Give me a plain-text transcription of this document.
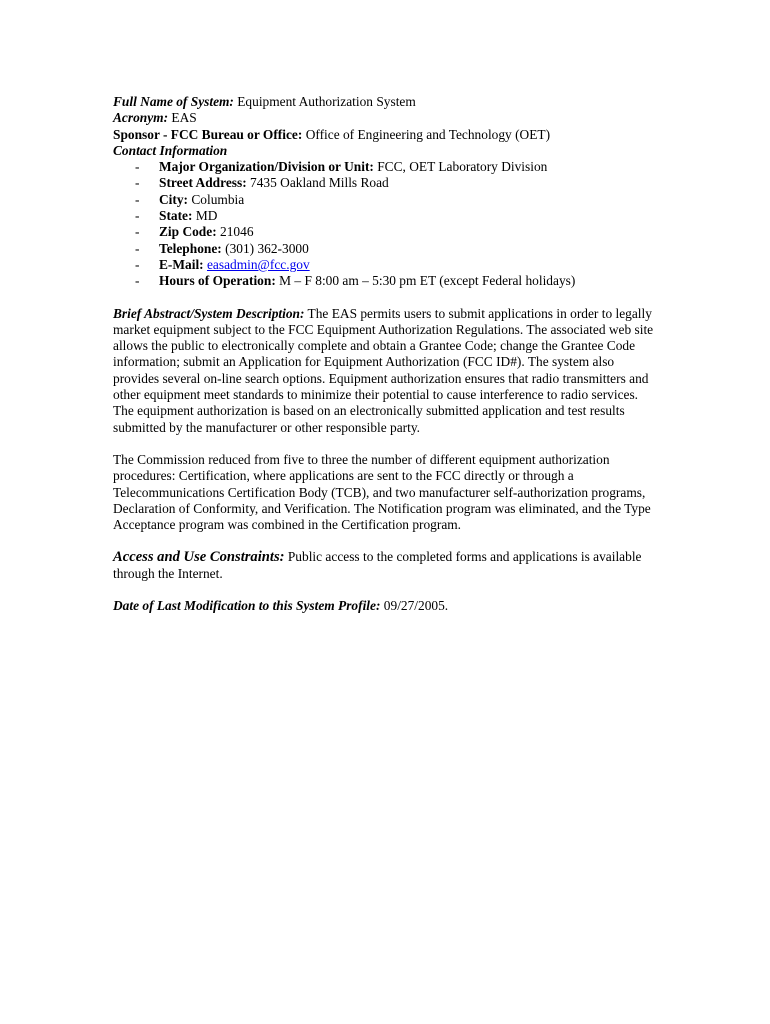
Full Name of System: Equipment Authorization System
Acronym: EAS
Sponsor - FCC Bureau or Office: Office of Engineering and Technology (OET)
Contact Information
- Major Organization/Division or Unit: FCC, OET Laboratory Division
- Street Address: 7435 Oakland Mills Road
- City: Columbia
- State: MD
- Zip Code: 21046
- Telephone: (301) 362-3000
- E-Mail: easadmin@fcc.gov
- Hours of Operation: M – F 8:00 am – 5:30 pm ET (except Federal holidays)

Brief Abstract/System Description: The EAS permits users to submit applications in order to legally market equipment subject to the FCC Equipment Authorization Regulations. The associated web site allows the public to electronically complete and obtain a Grantee Code; change the Grantee Code information; submit an Application for Equipment Authorization (FCC ID#). The system also provides several on-line search options. Equipment authorization ensures that radio transmitters and other equipment meet standards to minimize their potential to cause interference to radio services. The equipment authorization is based on an electronically submitted application and test results submitted by the manufacturer or other responsible party.

The Commission reduced from five to three the number of different equipment authorization procedures: Certification, where applications are sent to the FCC directly or through a Telecommunications Certification Body (TCB), and two manufacturer self-authorization programs, Declaration of Conformity, and Verification. The Notification program was eliminated, and the Type Acceptance program was combined in the Certification program.

Access and Use Constraints: Public access to the completed forms and applications is available through the Internet.

Date of Last Modification to this System Profile: 09/27/2005.
